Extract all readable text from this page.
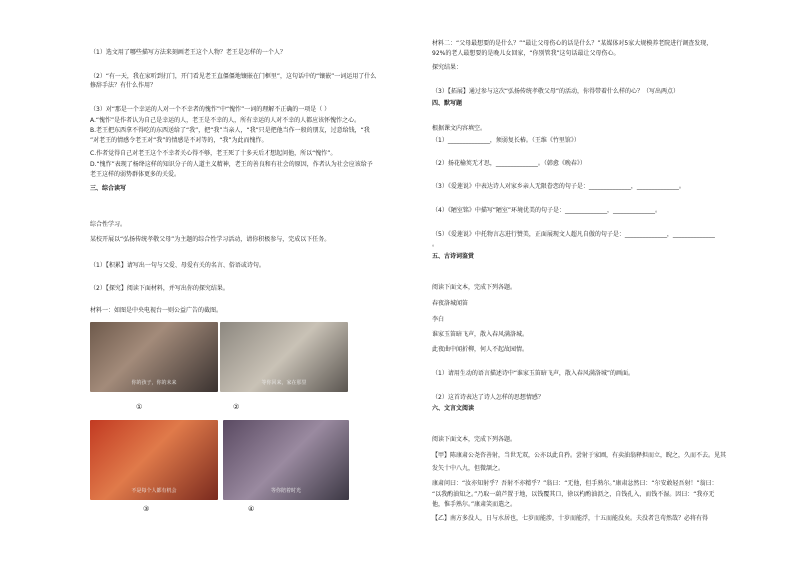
（1）选文用了哪些描写方法来刻画老王这个人物？老王是怎样的一个人？
（2）“有一天，我在家听到打门，开门看见老王直僵僵地镶嵌在门框里”，这句话中的“镶嵌”一词运用了什么
修辞手法？有什么作用？
（3）对“那是一个幸运的人对一个不幸者的愧怍”中“愧怍”一词的理解不正确的一项是（ ）
A.“愧怍”是作者认为自己是幸运的人，老王是不幸的人，所有幸运的人对不幸的人都应该怀愧怍之心。
B.老王把东西拿不得吃的东西送给了“我”，把“我”当亲人，“我”只是把他当作一般的朋友，过意给钱，“我
”对老王的情感令老王对“我”的情感是不对等的，“我”为此而愧怍。
C.作者觉得自己对老王这个不幸者关心得不够，老王死了十多天后才想起问他，所以“愧怍”。
D.“愧怍”表现了杨绛这样的知识分子的人道主义精神，老王的善良和有社会的原因，作者认为社会应该给予
老王这样的弱势群体更多的关爱。
三、综合读写
综合性学习。
某校开展以“弘扬传统孝敬父母”为主题的综合性学习活动，请你积极参与，完成以下任务。
（1）【积累】请写出一句与父爱、母爱有关的名言、俗语或诗句。
（2）【探究】阅读下面材料，并写出你的探究结果。
材料一：如图是中央电视台一则公益广告的截图。
你的孩子，你的未来	等你回来，家在那里
①	②
不是每个人都有机会	等你陪着时光
③	④
材料二：“父母最想要的是什么？”“最让父母伤心的话是什么？”某媒体对5家大规模养老院进行调查发现，
92%的老人最想要的是晚儿女回家，“你别管我”这句话最让父母伤心。
探究结果：
（3）【拓展】通过参与这次“弘扬传统孝敬父母”的活动，你得带着什么样的心？（写出两点）
四、默写题
根据课文内容填空。
（1）______________，须弱复长椿。（王维《竹里馆》）
（2）扬花榆荚无才思，______________。（韩愈《晚春》）
（3）《爱莲说》中表达诗人对家乡亲人无限眷恋的句子是：______________，______________。
（4）《陋室铭》中描写“陋室”环境优美的句子是：______________，______________。
（5）《爱莲说》中托物言志进行赞美，正面展现文人超凡自傲的句子是：______________，______________
。
五、古诗词鉴赏
阅读下面文本，完成下列各题。
春夜洛城闻笛
李白
谁家玉笛暗飞声，散入春风满洛城。
此夜曲中闻折柳，何人不起故园情。
（1）请用生动的语言描述诗中“谁家玉笛暗飞声，散入春风满洛城”的画面。
（2）这首诗表达了诗人怎样的思想情感？
六、文言文阅读
阅读下面文本，完成下列各题。
【甲】陈康肃公尧咨善射，当世无双，公亦以此自矜。尝射于家圃，有卖油翁释担而立，睨之，久而不去。见其
发矢十中八九，但微颔之。
康肃问曰：“汝亦知射乎？吾射不亦精乎？”翁曰：“无他，但手熟尔。”康肃忿然曰：“尔安敢轻吾射！”翁曰：
“以我酌油知之。”乃取一葫芦置于地，以钱覆其口，徐以杓酌油沥之，自钱孔入，而钱不湿。因曰：“我亦无
他，惟手熟尔。”康肃笑而遣之。
【乙】南方多没人，日与水居也，七岁而能涉，十岁而能浮，十五而能没矣。夫没者岂苟然哉？必将有得
